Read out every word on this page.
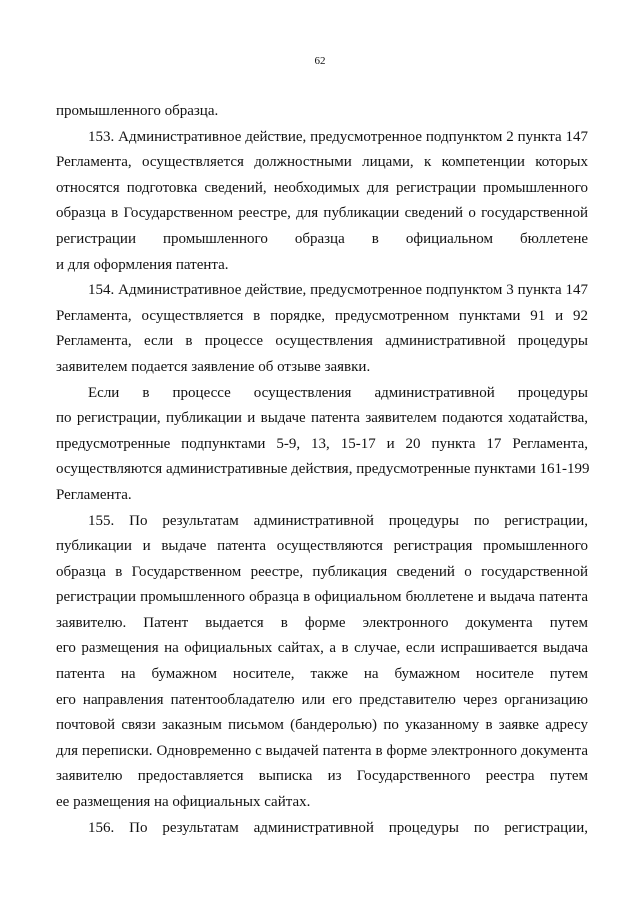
62
промышленного образца.
153. Административное действие, предусмотренное подпунктом 2 пункта 147
Регламента, осуществляется должностными лицами, к компетенции которых
относятся подготовка сведений, необходимых для регистрации промышленного
образца в Государственном реестре, для публикации сведений о государственной
регистрации промышленного образца в официальном бюллетене
и для оформления патента.
154. Административное действие, предусмотренное подпунктом 3 пункта 147
Регламента, осуществляется в порядке, предусмотренном пунктами 91 и 92
Регламента, если в процессе осуществления административной процедуры
заявителем подается заявление об отзыве заявки.
Если в процессе осуществления административной процедуры
по регистрации, публикации и выдаче патента заявителем подаются ходатайства,
предусмотренные подпунктами 5-9, 13, 15-17 и 20 пункта 17 Регламента,
осуществляются административные действия, предусмотренные пунктами 161-199
Регламента.
155. По результатам административной процедуры по регистрации,
публикации и выдаче патента осуществляются регистрация промышленного
образца в Государственном реестре, публикация сведений о государственной
регистрации промышленного образца в официальном бюллетене и выдача патента
заявителю. Патент выдается в форме электронного документа путем
его размещения на официальных сайтах, а в случае, если испрашивается выдача
патента на бумажном носителе, также на бумажном носителе путем
его направления патентообладателю или его представителю через организацию
почтовой связи заказным письмом (бандеролью) по указанному в заявке адресу
для переписки. Одновременно с выдачей патента в форме электронного документа
заявителю предоставляется выписка из Государственного реестра путем
ее размещения на официальных сайтах.
156. По результатам административной процедуры по регистрации,
